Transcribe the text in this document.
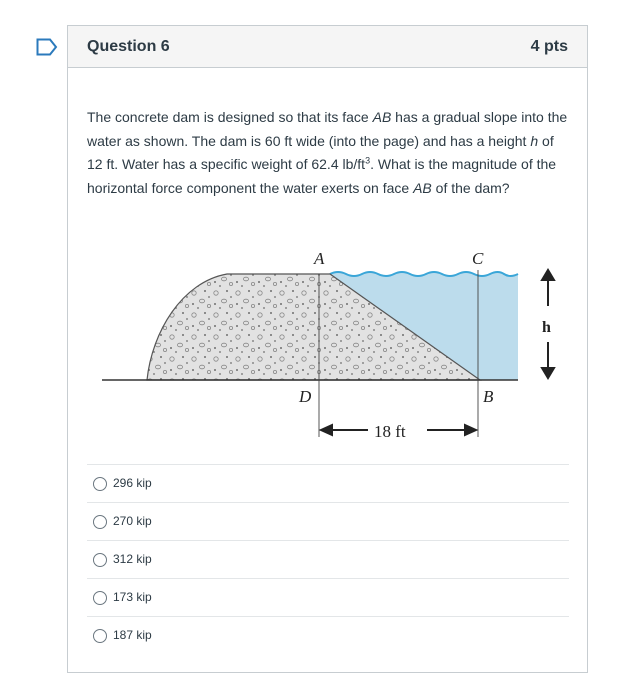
Question 6	4 pts
The concrete dam is designed so that its face AB has a gradual slope into the water as shown. The dam is 60 ft wide (into the page) and has a height h of 12 ft. Water has a specific weight of 62.4 $lb/ft^3$. What is the magnitude of the horizontal force component the water exerts on face AB of the dam?
A	C
D	B
h
18 ft
296 kip
270 kip
312 kip
173 kip
187 kip
